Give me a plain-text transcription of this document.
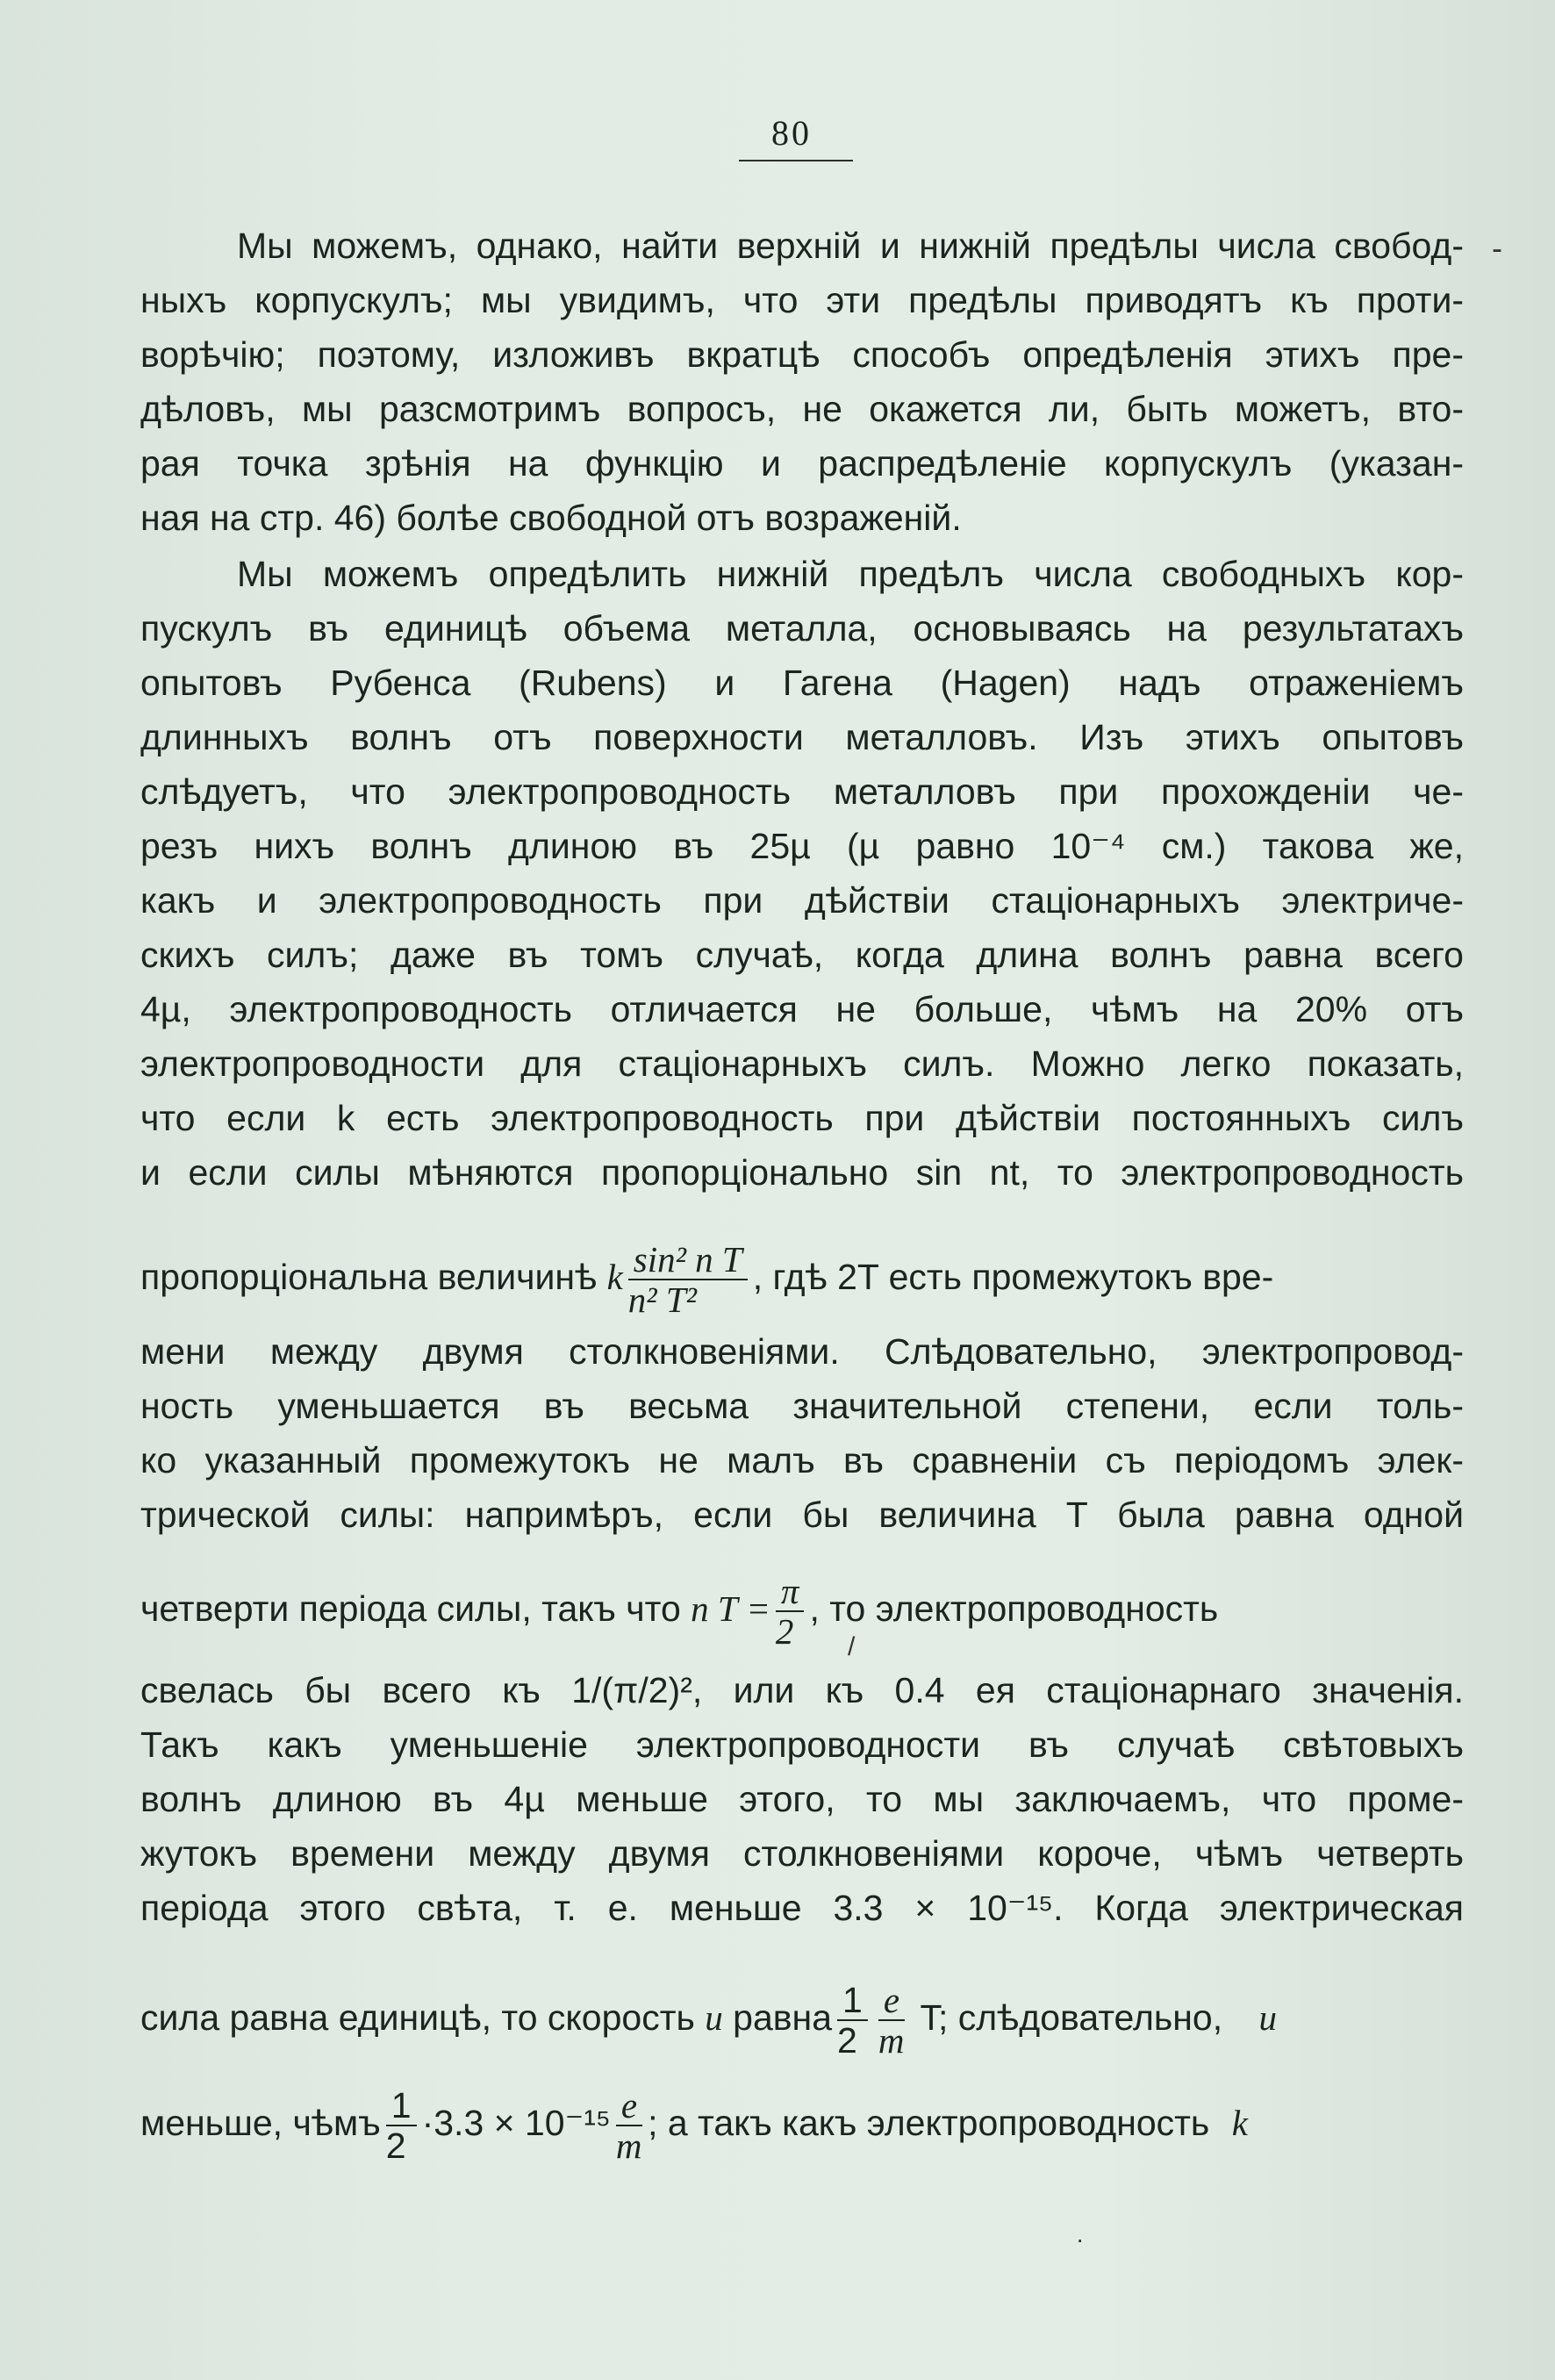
80
Мы можемъ, однако, найти верхній и нижній предѣлы числа свобод-
ныхъ корпускулъ; мы увидимъ, что эти предѣлы приводятъ къ проти-
ворѣчію; поэтому, изложивъ вкратцѣ способъ опредѣленія этихъ пре-
дѣловъ, мы разсмотримъ вопросъ, не окажется ли, быть можетъ, вто-
рая точка зрѣнія на функцію и распредѣленіе корпускулъ (указан-
ная на стр. 46) болѣе свободной отъ возраженій.
Мы можемъ опредѣлить нижній предѣлъ числа свободныхъ кор-
пускулъ въ единицѣ объема металла, основываясь на результатахъ
опытовъ Рубенса (Rubens) и Гагена (Hagen) надъ отраженіемъ
длинныхъ волнъ отъ поверхности металловъ. Изъ этихъ опытовъ
слѣдуетъ, что электропроводность металловъ при прохожденіи че-
резъ нихъ волнъ длиною въ 25µ (µ равно 10⁻⁴ см.) такова же,
какъ и электропроводность при дѣйствіи стаціонарныхъ электриче-
скихъ силъ; даже въ томъ случаѣ, когда длина волнъ равна всего
4µ, электропроводность отличается не больше, чѣмъ на 20% отъ
электропроводности для стаціонарныхъ силъ. Можно легко показать,
что если k есть электропроводность при дѣйствіи постоянныхъ силъ
и если силы мѣняются пропорціонально sin nt, то электропроводность
пропорціональна величинѣ k $\frac{\text{sin² n T}}{\text{n² T²}}$ , гдѣ 2T есть промежутокъ вре-
мени между двумя столкновеніями. Слѣдовательно, электропровод-
ность уменьшается въ весьма значительной степени, если толь-
ко указанный промежутокъ не малъ въ сравненіи съ періодомъ элек-
трической силы: напримѣръ, если бы величина T была равна одной
четверти періода силы, такъ что n $T = \frac{\pi}{2}$ , то электропроводность
свелась бы всего къ 1/(π/2)², или къ 0.4 ея стаціонарнаго значенія.
Такъ какъ уменьшеніе электропроводности въ случаѣ свѣтовыхъ
волнъ длиною въ 4µ меньше этого, то мы заключаемъ, что проме-
жутокъ времени между двумя столкновеніями короче, чѣмъ четверть
періода этого свѣта, т. е. меньше 3.3 × 10⁻¹⁵. Когда электрическая
сила равна единицѣ, то скорость u равна $\frac{1}{2} \frac{e}{m} T$; слѣдовательно, u
меньше, чѣмъ $\frac{1}{2} \cdot 3.3 \times 10^{-15} \frac{e}{m}$ ; а такъ какъ электропроводность k
‐
/
·
